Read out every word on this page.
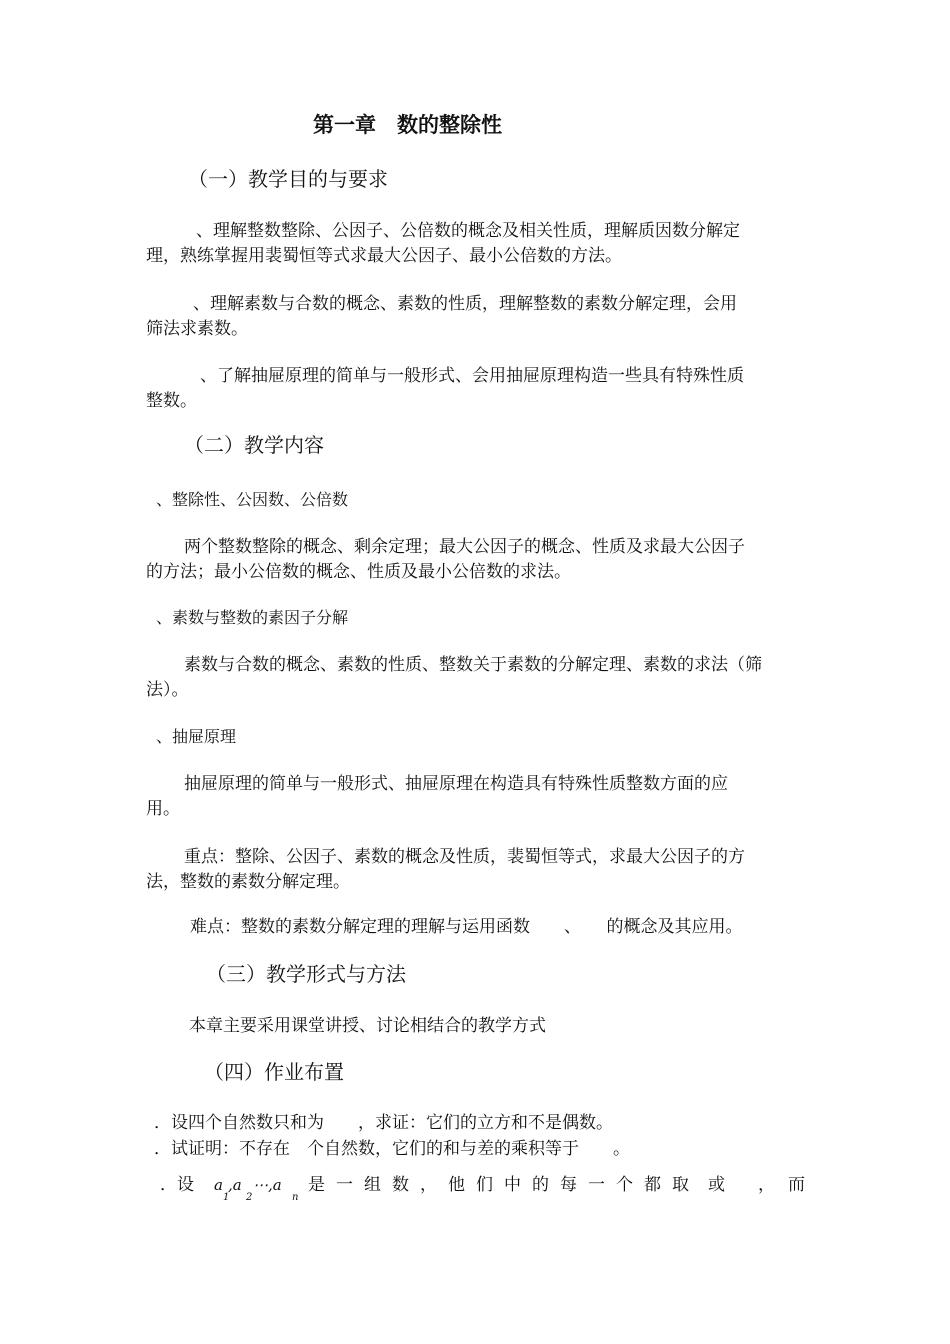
第一章　数的整除性
（一）教学目的与要求
、理解整数整除、公因子、公倍数的概念及相关性质，理解质因数分解定
理，熟练掌握用裴蜀恒等式求最大公因子、最小公倍数的方法。
、理解素数与合数的概念、素数的性质，理解整数的素数分解定理，会用
筛法求素数。
、了解抽屉原理的简单与一般形式、会用抽屉原理构造一些具有特殊性质
整数。
（二）教学内容
、整除性、公因数、公倍数
两个整数整除的概念、剩余定理；最大公因子的概念、性质及求最大公因子
的方法；最小公倍数的概念、性质及最小公倍数的求法。
、素数与整数的素因子分解
素数与合数的概念、素数的性质、整数关于素数的分解定理、素数的求法（筛
法）。
、抽屉原理
抽屉原理的简单与一般形式、抽屉原理在构造具有特殊性质整数方面的应
用。
重点：整除、公因子、素数的概念及性质，裴蜀恒等式，求最大公因子的方
法，整数的素数分解定理。
难点：整数的素数分解定理的理解与运用函数　　、　　的概念及其应用。
（三）教学形式与方法
本章主要采用课堂讲授、讨论相结合的教学方式
（四）作业布置
．设四个自然数只和为　　，求证：它们的立方和不是偶数。
．试证明：不存在　个自然数，它们的和与差的乘积等于　　。
．设 a
1
,a
2
⋯,a
n
是一组数，他们中的每一个都取 或 ， 而
